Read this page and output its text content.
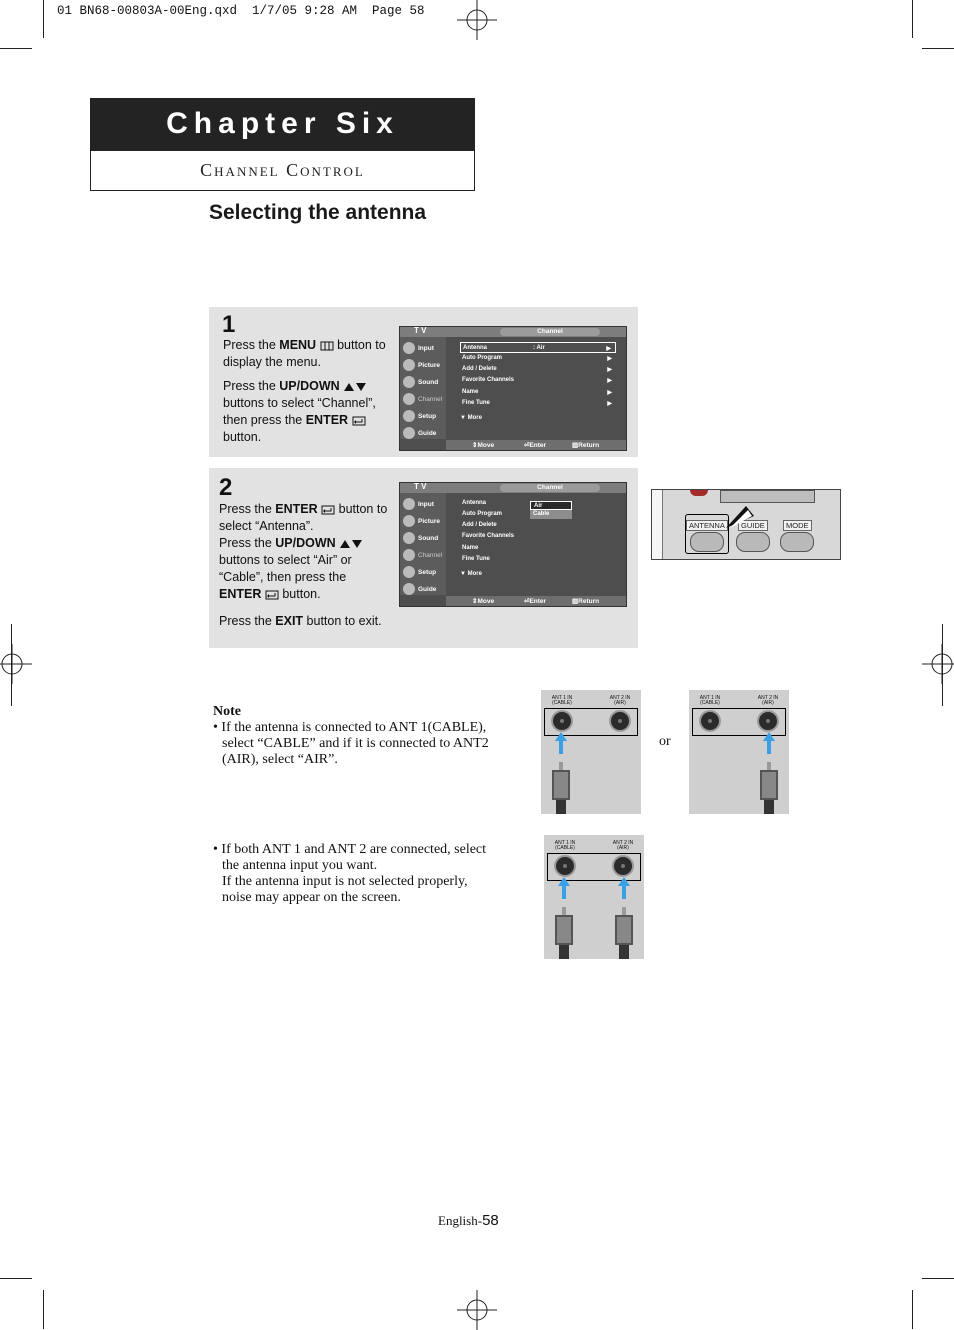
01 BN68-00803A-00Eng.qxd  1/7/05 9:28 AM  Page 58
Chapter Six
Channel Control
Selecting the antenna
1
Press the MENU  button to display the menu.
Press the UP/DOWN  buttons to select “Channel”, then press the ENTER  button.
T V	Channel
Input
Picture
Sound
Channel
Setup
Guide
Antenna	: Air	▶
Auto Program	▶
Add / Delete	▶
Favorite Channels	▶
Name	▶
Fine Tune	▶
▼ More
⇕ Move	⏎ Enter	▥ Return
2
Press the ENTER  button to select “Antenna”.
Press the UP/DOWN  buttons to select “Air” or “Cable”, then press the ENTER  button.
Press the EXIT button to exit.
T V	Channel
Input
Picture
Sound
Channel
Setup
Guide
Antenna
Auto Program
Add / Delete
Favorite Channels
Name
Fine Tune
Air
Cable
▼ More
⇕ Move	⏎ Enter	▥ Return
ANTENNA	GUIDE	MODE
Note
• If the antenna is connected to ANT 1(CABLE),
select “CABLE” and if it is connected to ANT2
(AIR), select “AIR”.
or
• If both ANT 1 and ANT 2 are connected, select
the antenna input you want.
If the antenna input is not selected properly,
noise may appear on the screen.
ANT 1 IN (CABLE)
ANT 2 IN (AIR)
ANT 1 IN (CABLE)
ANT 2 IN (AIR)
ANT 1 IN (CABLE)
ANT 2 IN (AIR)
English-58
